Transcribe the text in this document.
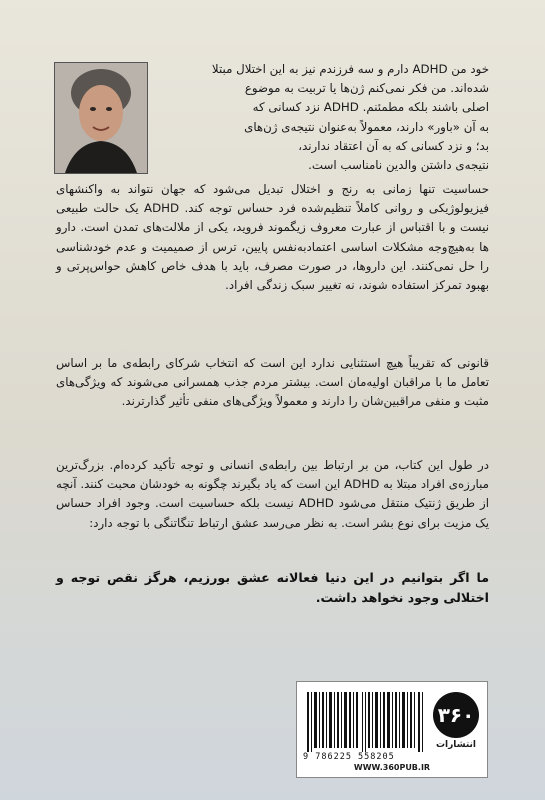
خود من ADHD دارم و سه فرزندم نیز به این اختلال مبتلا
شده‌اند. من فکر نمی‌کنم ژن‌ها یا تربیت به موضوع
اصلی باشند بلکه مطمئنم. ADHD نزد کسانی که
به آن «باور» دارند، معمولاً به‌عنوان نتیجه‌ی ژن‌های
بد؛ و نزد کسانی که به آن اعتقاد ندارند،
نتیجه‌ی داشتن والدین نامناسب است.
حساسیت تنها زمانی به رنج و اختلال تبدیل می‌شود که جهان نتواند به واکنشهای فیزیولوژیکی و روانی کاملاً تنظیم‌شده فرد حساس توجه کند. ADHD یک حالت طبیعی نیست و با اقتباس از عبارت معروف زیگموند فروید، یکی از ملالت‌های تمدن است. دارو ها به‌هیچ‌وجه مشکلات اساسی اعتمادبه‌نفس پایین، ترس از صمیمیت و عدم خودشناسی را حل نمی‌کنند. این داروها، در صورت مصرف، باید با هدف خاص کاهش حواس‌پرتی و بهبود تمرکز استفاده شوند، نه تغییر سبک زندگی افراد.
قانونی که تقریباً هیچ استثنایی ندارد این است که انتخاب شرکای رابطه‌ی ما بر اساس تعامل ما با مراقبان اولیه‌مان است. بیشتر مردم جذب همسرانی می‌شوند که ویژگی‌های مثبت و منفی مراقبین‌شان را دارند و معمولاً ویژگی‌های منفی تأثیر گذارترند.
در طول این کتاب، من بر ارتباط بین رابطه‌ی انسانی و توجه تأکید کرده‌ام. بزرگ‌ترین مبارزه‌ی افراد مبتلا به ADHD این است که یاد بگیرند چگونه به خودشان محبت کنند. آنچه از طریق ژنتیک منتقل می‌شود ADHD نیست بلکه حساسیت است. وجود افراد حساس یک مزیت برای نوع بشر است. به نظر می‌رسد عشق ارتباط تنگاتنگی با توجه دارد:
ما اگر بتوانیم در این دنیا فعالانه عشق بورزیم، هرگز نقص توجه و اختلالی وجود نخواهد داشت.
9 786225 558205
WWW.360PUB.IR
۳۶۰
انتشارات
